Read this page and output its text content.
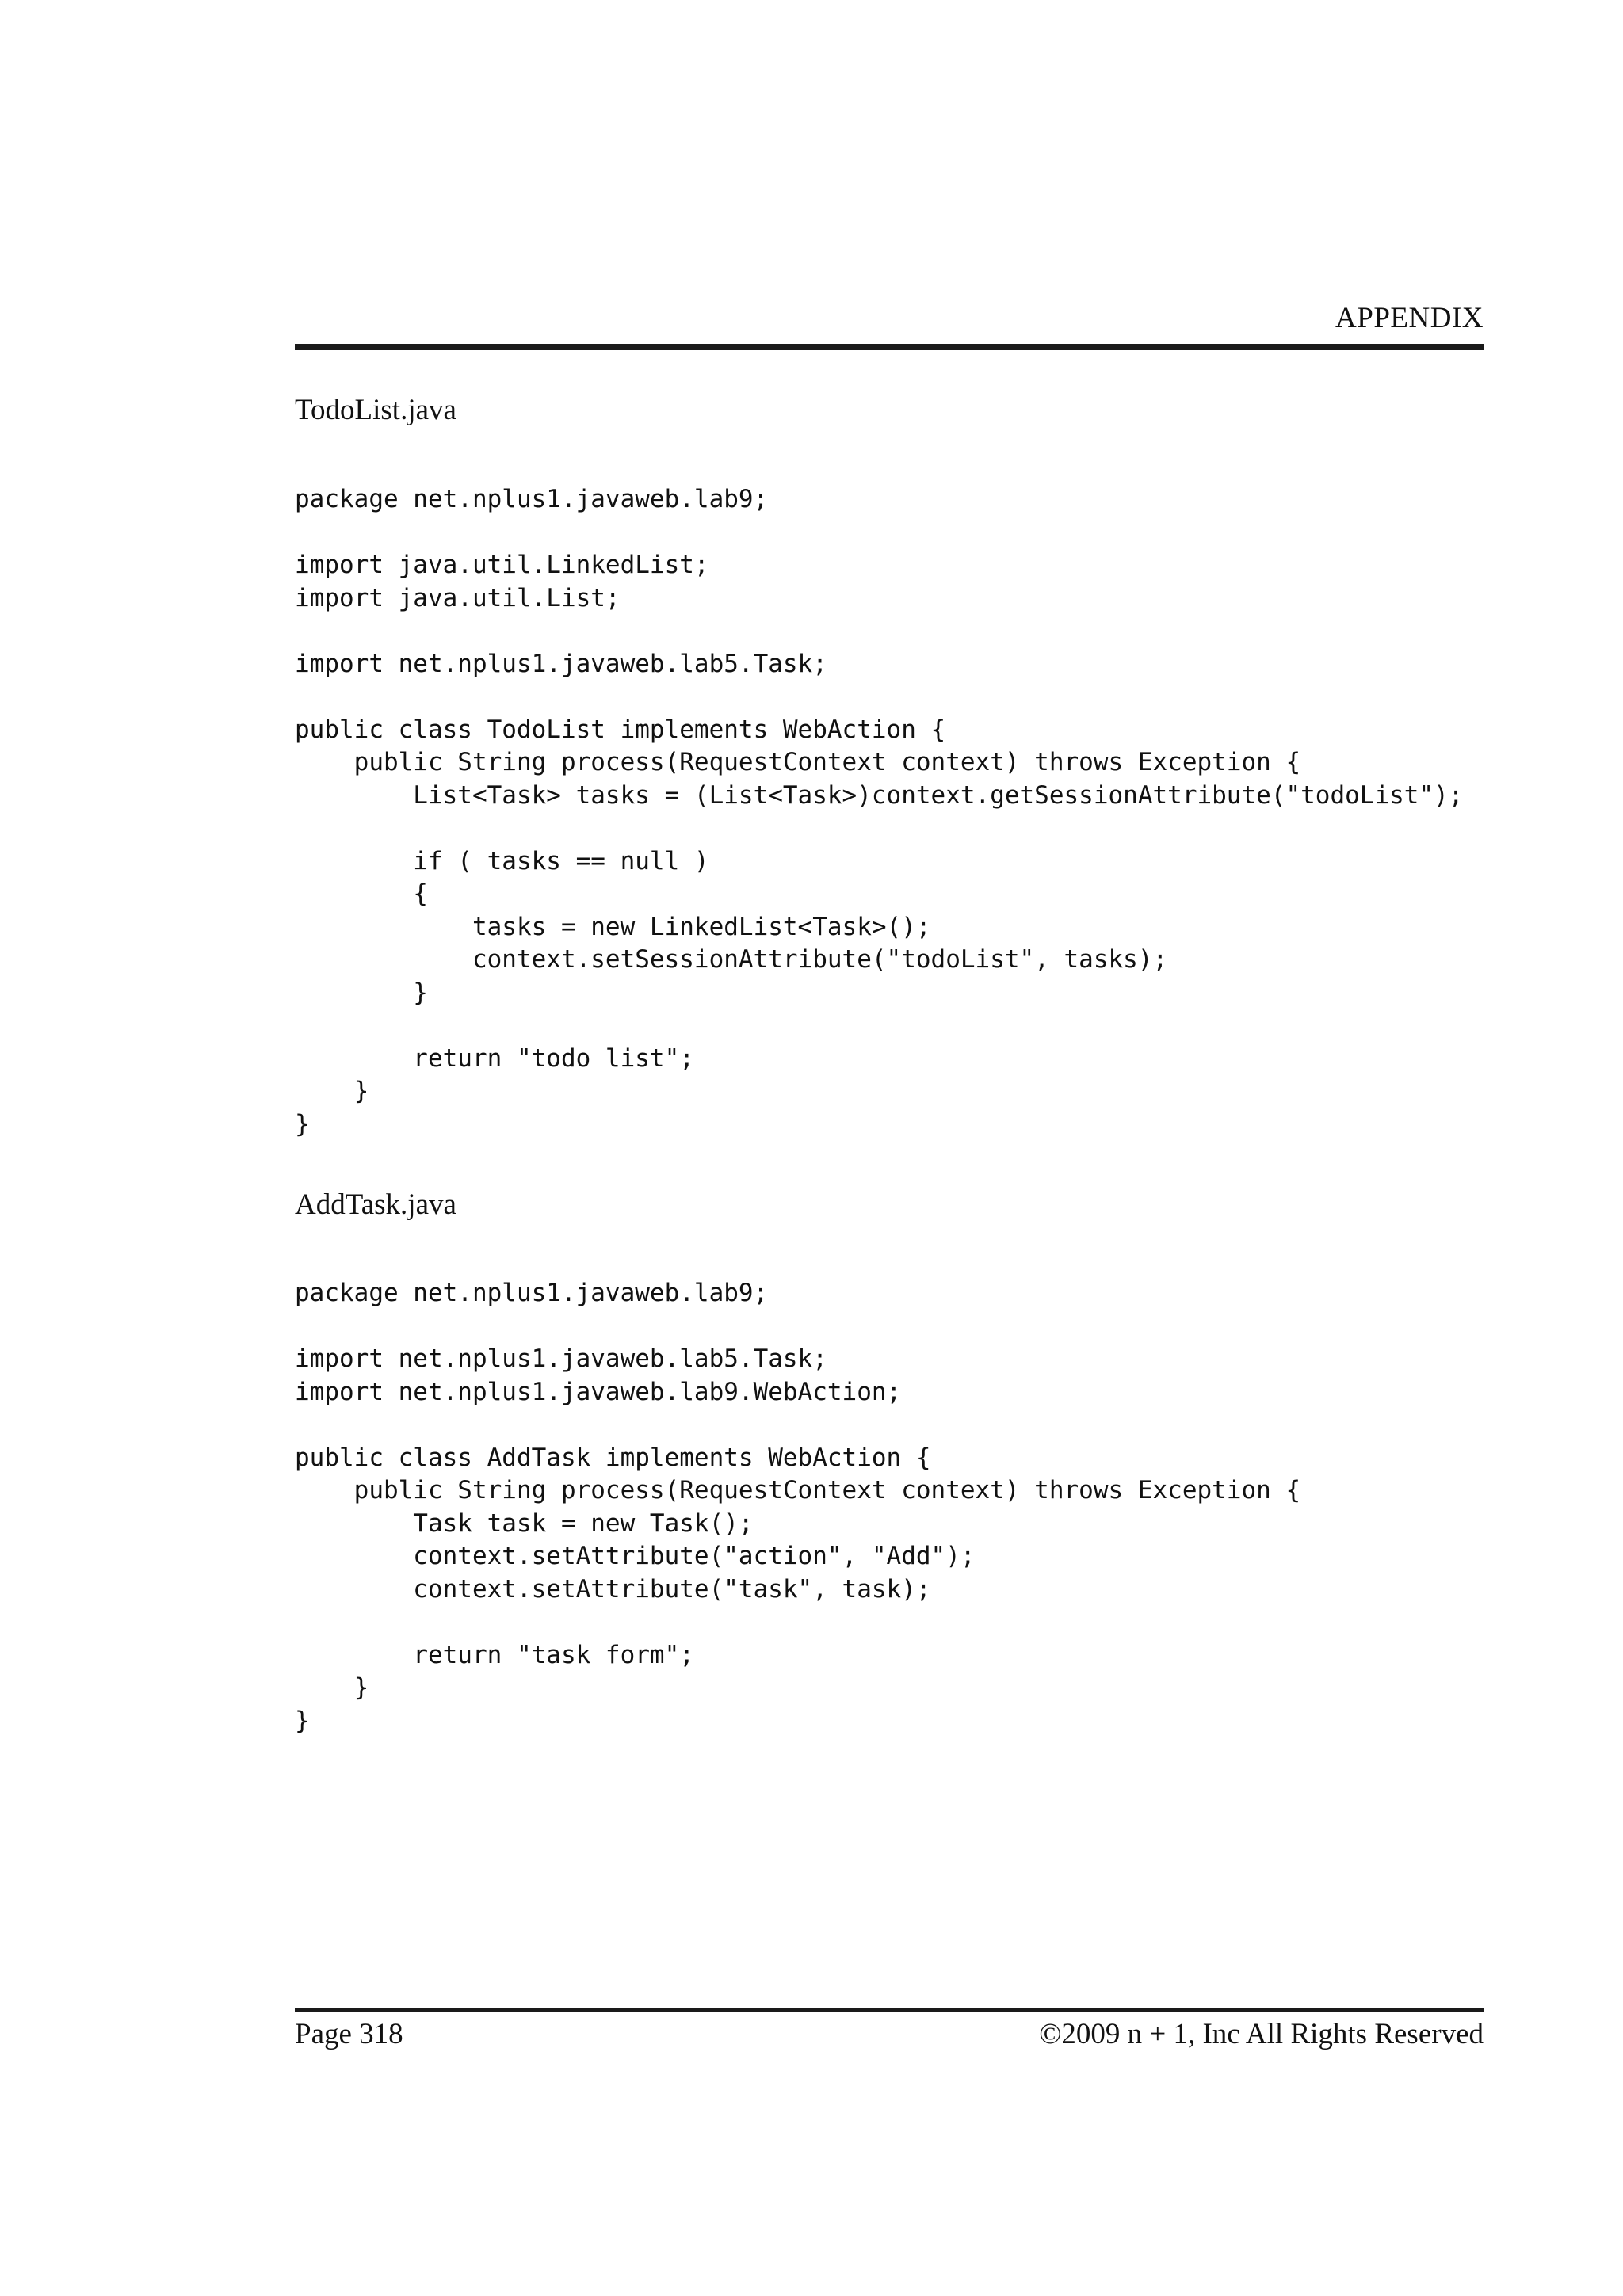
APPENDIX
TodoList.java
package net.nplus1.javaweb.lab9;
import java.util.LinkedList;
import java.util.List;
import net.nplus1.javaweb.lab5.Task;
public class TodoList implements WebAction {
public String process(RequestContext context) throws Exception {
List<Task> tasks = (List<Task>)context.getSessionAttribute("todoList");
if ( tasks == null )
{
tasks = new LinkedList<Task>();
context.setSessionAttribute("todoList", tasks);
}
return "todo list";
}
}
AddTask.java
package net.nplus1.javaweb.lab9;
import net.nplus1.javaweb.lab5.Task;
import net.nplus1.javaweb.lab9.WebAction;
public class AddTask implements WebAction {
public String process(RequestContext context) throws Exception {
Task task = new Task();
context.setAttribute("action", "Add");
context.setAttribute("task", task);
return "task form";
}
}
Page 318	©2009 n + 1, Inc All Rights Reserved
